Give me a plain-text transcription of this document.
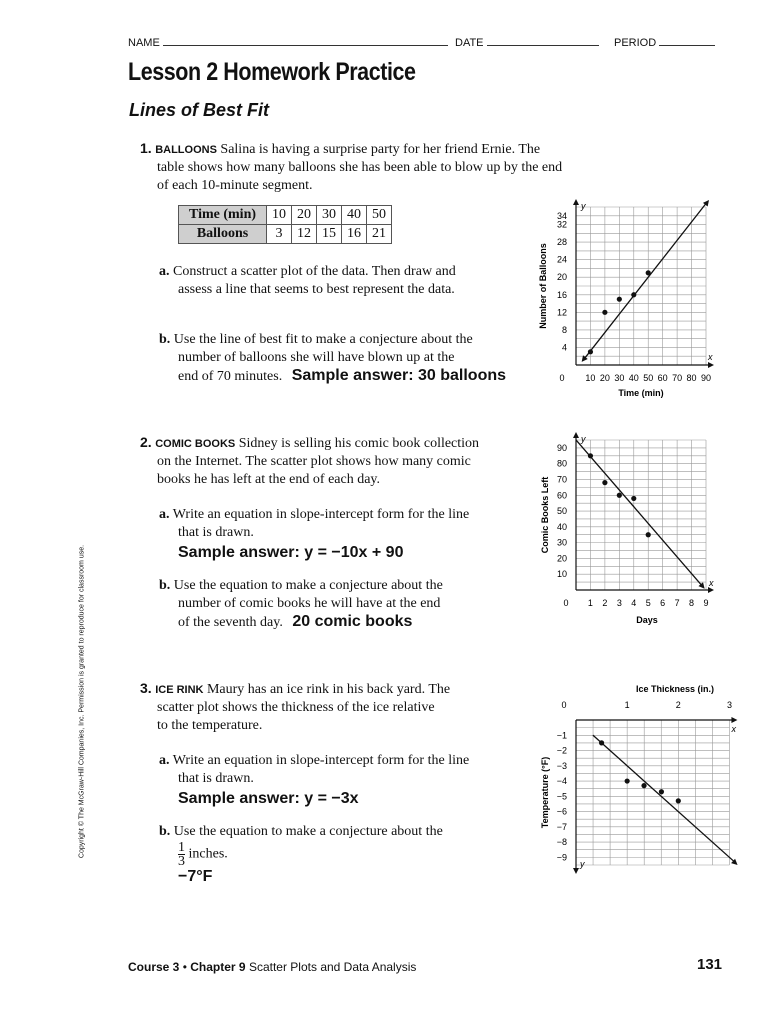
NAME	DATE	PERIOD
Lesson 2 Homework Practice
Lines of Best Fit
Copyright © The McGraw-Hill Companies, Inc. Permission is granted to reproduce for classroom use.
1. BALLOONS Salina is having a surprise party for her friend Ernie. The
table shows how many balloons she has been able to blow up by the end
of each 10-minute segment.
Time (min)	10	20	30	40	50
Balloons	3	12	15	16	21
a. Construct a scatter plot of the data. Then draw and
assess a line that seems to best represent the data.
b. Use the line of best fit to make a conjecture about the
number of balloons she will have blown up at the
end of 70 minutes. Sample answer: 30 balloons
4
8
12
16
20
24
28
32
34
10 20 30 40 50 60 70 80 90
0
y
x
Time (min)
Number of Balloons
2. COMIC BOOKS Sidney is selling his comic book collection
on the Internet. The scatter plot shows how many comic
books he has left at the end of each day.
a. Write an equation in slope-intercept form for the line
that is drawn.
Sample answer: y = −10x + 90
b. Use the equation to make a conjecture about the
number of comic books he will have at the end
of the seventh day. 20 comic books
10
20
30
40
50
60
70
80
90
1 2 3 4 5 6 7 8 9
0
y
x
Days
Comic Books Left
3. ICE RINK Maury has an ice rink in his back yard. The
scatter plot shows the thickness of the ice relative
to the temperature.
a. Write an equation in slope-intercept form for the line
that is drawn.
Sample answer: y = −3x
b. Use the equation to make a conjecture about the
$\frac{1}{3}$ inches.
−7°F
Ice Thickness (in.)
0	1	2	3
−1
−2
−3
−4
−5
−6
−7
−8
−9
x
y
Temperature (°F)
Course 3 • Chapter 9 Scatter Plots and Data Analysis	131
